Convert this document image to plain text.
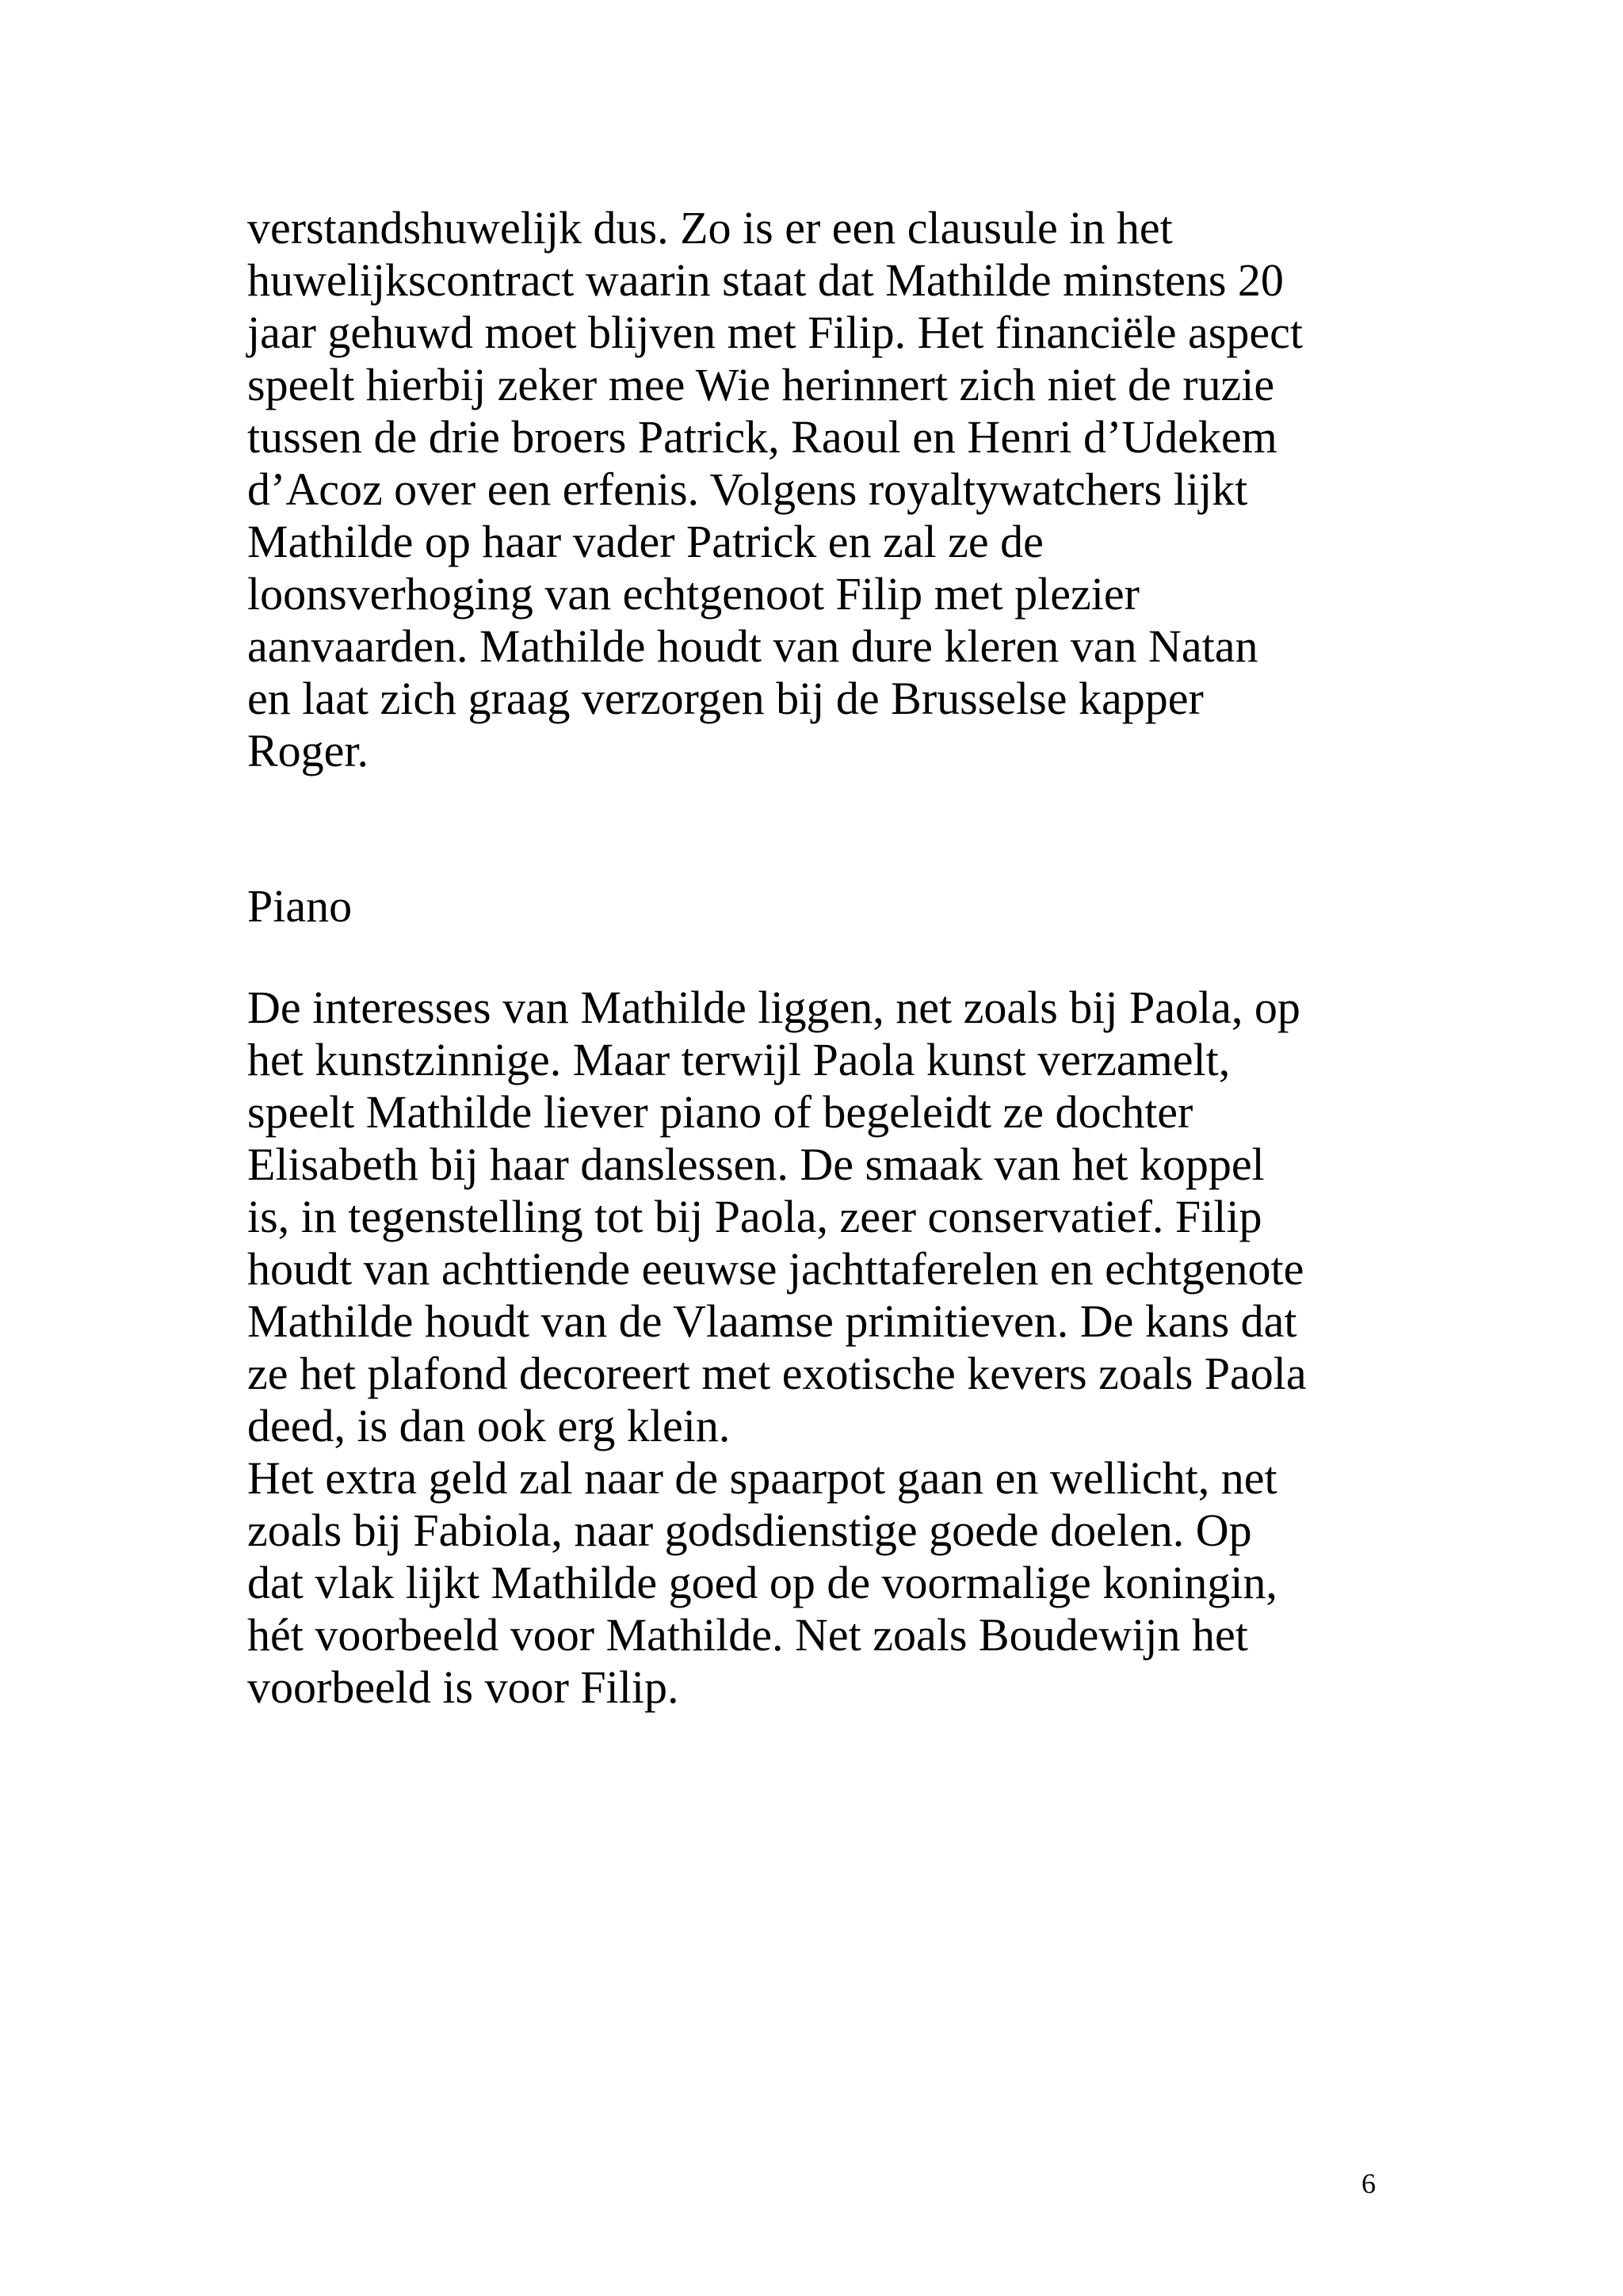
verstandshuwelijk dus. Zo is er een clausule in het

huwelijkscontract waarin staat dat Mathilde minstens 20

jaar gehuwd moet blijven met Filip. Het financiële aspect

speelt hierbij zeker mee Wie herinnert zich niet de ruzie

tussen de drie broers Patrick, Raoul en Henri d’Udekem

d’Acoz over een erfenis. Volgens royaltywatchers lijkt

Mathilde op haar vader Patrick en zal ze de

loonsverhoging van echtgenoot Filip met plezier

aanvaarden. Mathilde houdt van dure kleren van Natan

en laat zich graag verzorgen bij de Brusselse kapper

Roger.

Piano

De interesses van Mathilde liggen, net zoals bij Paola, op

het kunstzinnige. Maar terwijl Paola kunst verzamelt,

speelt Mathilde liever piano of begeleidt ze dochter

Elisabeth bij haar danslessen. De smaak van het koppel

is, in tegenstelling tot bij Paola, zeer conservatief. Filip

houdt van achttiende eeuwse jachttaferelen en echtgenote

Mathilde houdt van de Vlaamse primitieven. De kans dat

ze het plafond decoreert met exotische kevers zoals Paola

deed, is dan ook erg klein.

Het extra geld zal naar de spaarpot gaan en wellicht, net

zoals bij Fabiola, naar godsdienstige goede doelen. Op

dat vlak lijkt Mathilde goed op de voormalige koningin,

hét voorbeeld voor Mathilde. Net zoals Boudewijn het

voorbeeld is voor Filip.

6
